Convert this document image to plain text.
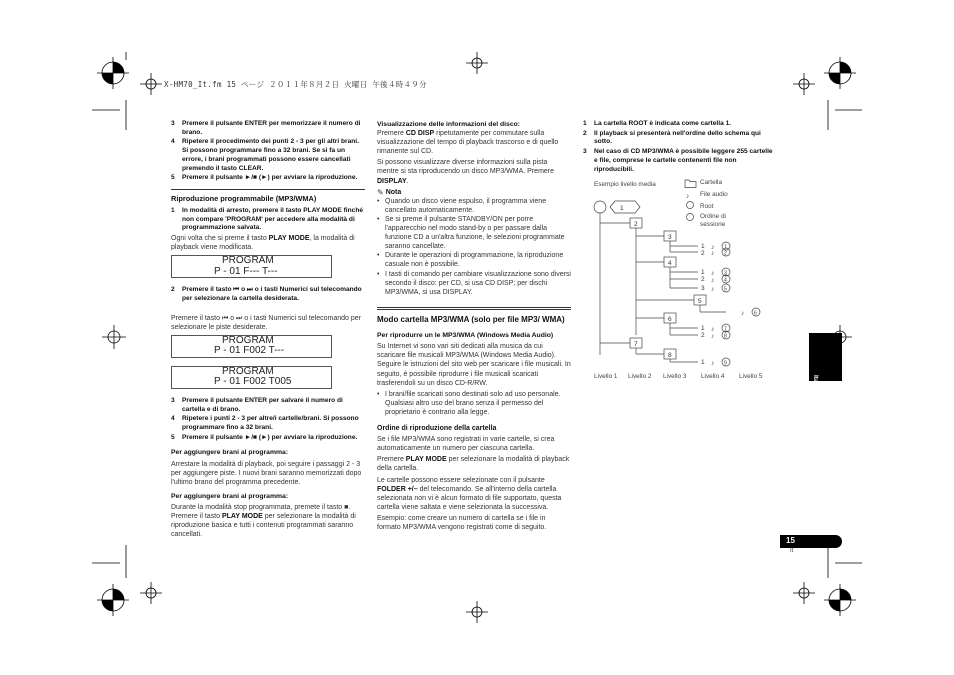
X-HM70_It.fm 15 ページ ２０１１年８月２日 火曜日 午後４時４９分
3	Premere il pulsante ENTER per memorizzare il numero di brano.
4	Ripetere il procedimento dei punti 2 - 3 per gli altri brani. Si possono programmare fino a 32 brani. Se si fa un errore, i brani programmati possono essere cancellati premendo il tasto CLEAR.
5	Premere il pulsante ►/■ (►) per avviare la riproduzione.
Riproduzione programmabile (MP3/WMA)
1	In modalità di arresto, premere il tasto PLAY MODE finché non compare 'PROGRAM' per accedere alla modalità di programmazione salvata.

Ogni volta che si preme il tasto PLAY MODE, la modalità di playback viene modificata.

PROGRAM
P - 01 F--- T---
2	Premere il tasto ⏮ o ⏭ o i tasti Numerici sul telecomando per selezionare la cartella desiderata.

Premere il tasto ⏮ o ⏭ o i tasti Numerici sul telecomando per selezionare le piste desiderate.

PROGRAM
P - 01 F002 T---
PROGRAM
P - 01 F002 T005
3	Premere il pulsante ENTER per salvare il numero di cartella e di brano.
4	Ripetere i punti 2 - 3 per altre/i cartelle/brani. Si possono programmare fino a 32 brani.
5	Premere il pulsante ►/■ (►) per avviare la riproduzione.
Per aggiungere brani al programma:

Arrestare la modalità di playback, poi seguire i passaggi 2 - 3 per aggiungere piste. I nuovi brani saranno memorizzati dopo l'ultimo brano del programma precedente.

Per aggiungere brani al programma:

Durante la modalità stop programmata, premete il tasto ■. Premere il tasto PLAY MODE per selezionare la modalità di riproduzione basica e tutti i contenuti programmati saranno cancellati.

Visualizzazione delle informazioni del disco:

Premere CD DISP ripetutamente per commutare sulla visualizzazione del tempo di playback trascorso e di quello rimanente sul CD.

Si possono visualizzare diverse informazioni sulla pista mentre si sta riproducendo un disco MP3/WMA. Premere DISPLAY.

✎ Nota
• Quando un disco viene espulso, il programma viene cancellato automaticamente.
• Se si preme il pulsante STANDBY/ON per porre l'apparecchio nel modo stand-by o per passare dalla funzione CD a un'altra funzione, le selezioni programmate saranno cancellate.
• Durante le operazioni di programmazione, la riproduzione casuale non è possibile.
• I tasti di comando per cambiare visualizzazione sono diversi secondo il disco: per CD, si usa CD DISP; per dischi MP3/WMA, si usa DISPLAY.
Modo cartella MP3/WMA (solo per file MP3/ WMA)
Per riprodurre un le MP3/WMA (Windows Media Audio)

Su Internet vi sono vari siti dedicati alla musica da cui scaricare file musicali MP3/WMA (Windows Media Audio). Seguire le istruzioni del sito web per scaricare i file musicali. In seguito, è possibile riprodurre i file musicali scaricati trasferendoli su un disco CD-R/RW.

• I brani/file scaricati sono destinati solo ad uso personale. Qualsiasi altro uso del brano senza il permesso del proprietario è contrario alla legge.
Ordine di riproduzione della cartella

Se i file MP3/WMA sono registrati in varie cartelle, si crea automaticamente un numero per ciascuna cartella.

Premere PLAY MODE per selezionare la modalità di playback della cartella.

Le cartelle possono essere selezionate con il pulsante FOLDER +/– del telecomando. Se all'interno della cartella selezionata non vi è alcun formato di file supportato, questa cartella viene saltata e viene selezionata la successiva.

Esempio: come creare un numero di cartella se i file in formato MP3/WMA vengono registrati come di seguito.

1	La cartella ROOT è indicata come cartella 1.
2	Il playback si presenterà nell'ordine dello schema qui sotto.
3	Nel caso di CD MP3/WMA è possibile leggere 255 cartelle e file, comprese le cartelle contenenti file non riproducibili.
Esempio livello media	Cartella
File audio
Root
Ordine di sessione
♪
1
2
3
4
5
6
7
8
1
2
1
2
3
1
2
1
♪
♪
♪
♪
♪
♪
♪
♪
♪
1
2
3
4
5
6
7
8
9
Livello 1 Livello 2 Livello 3 Livello 4 Livello 5	Italiano
15
It
